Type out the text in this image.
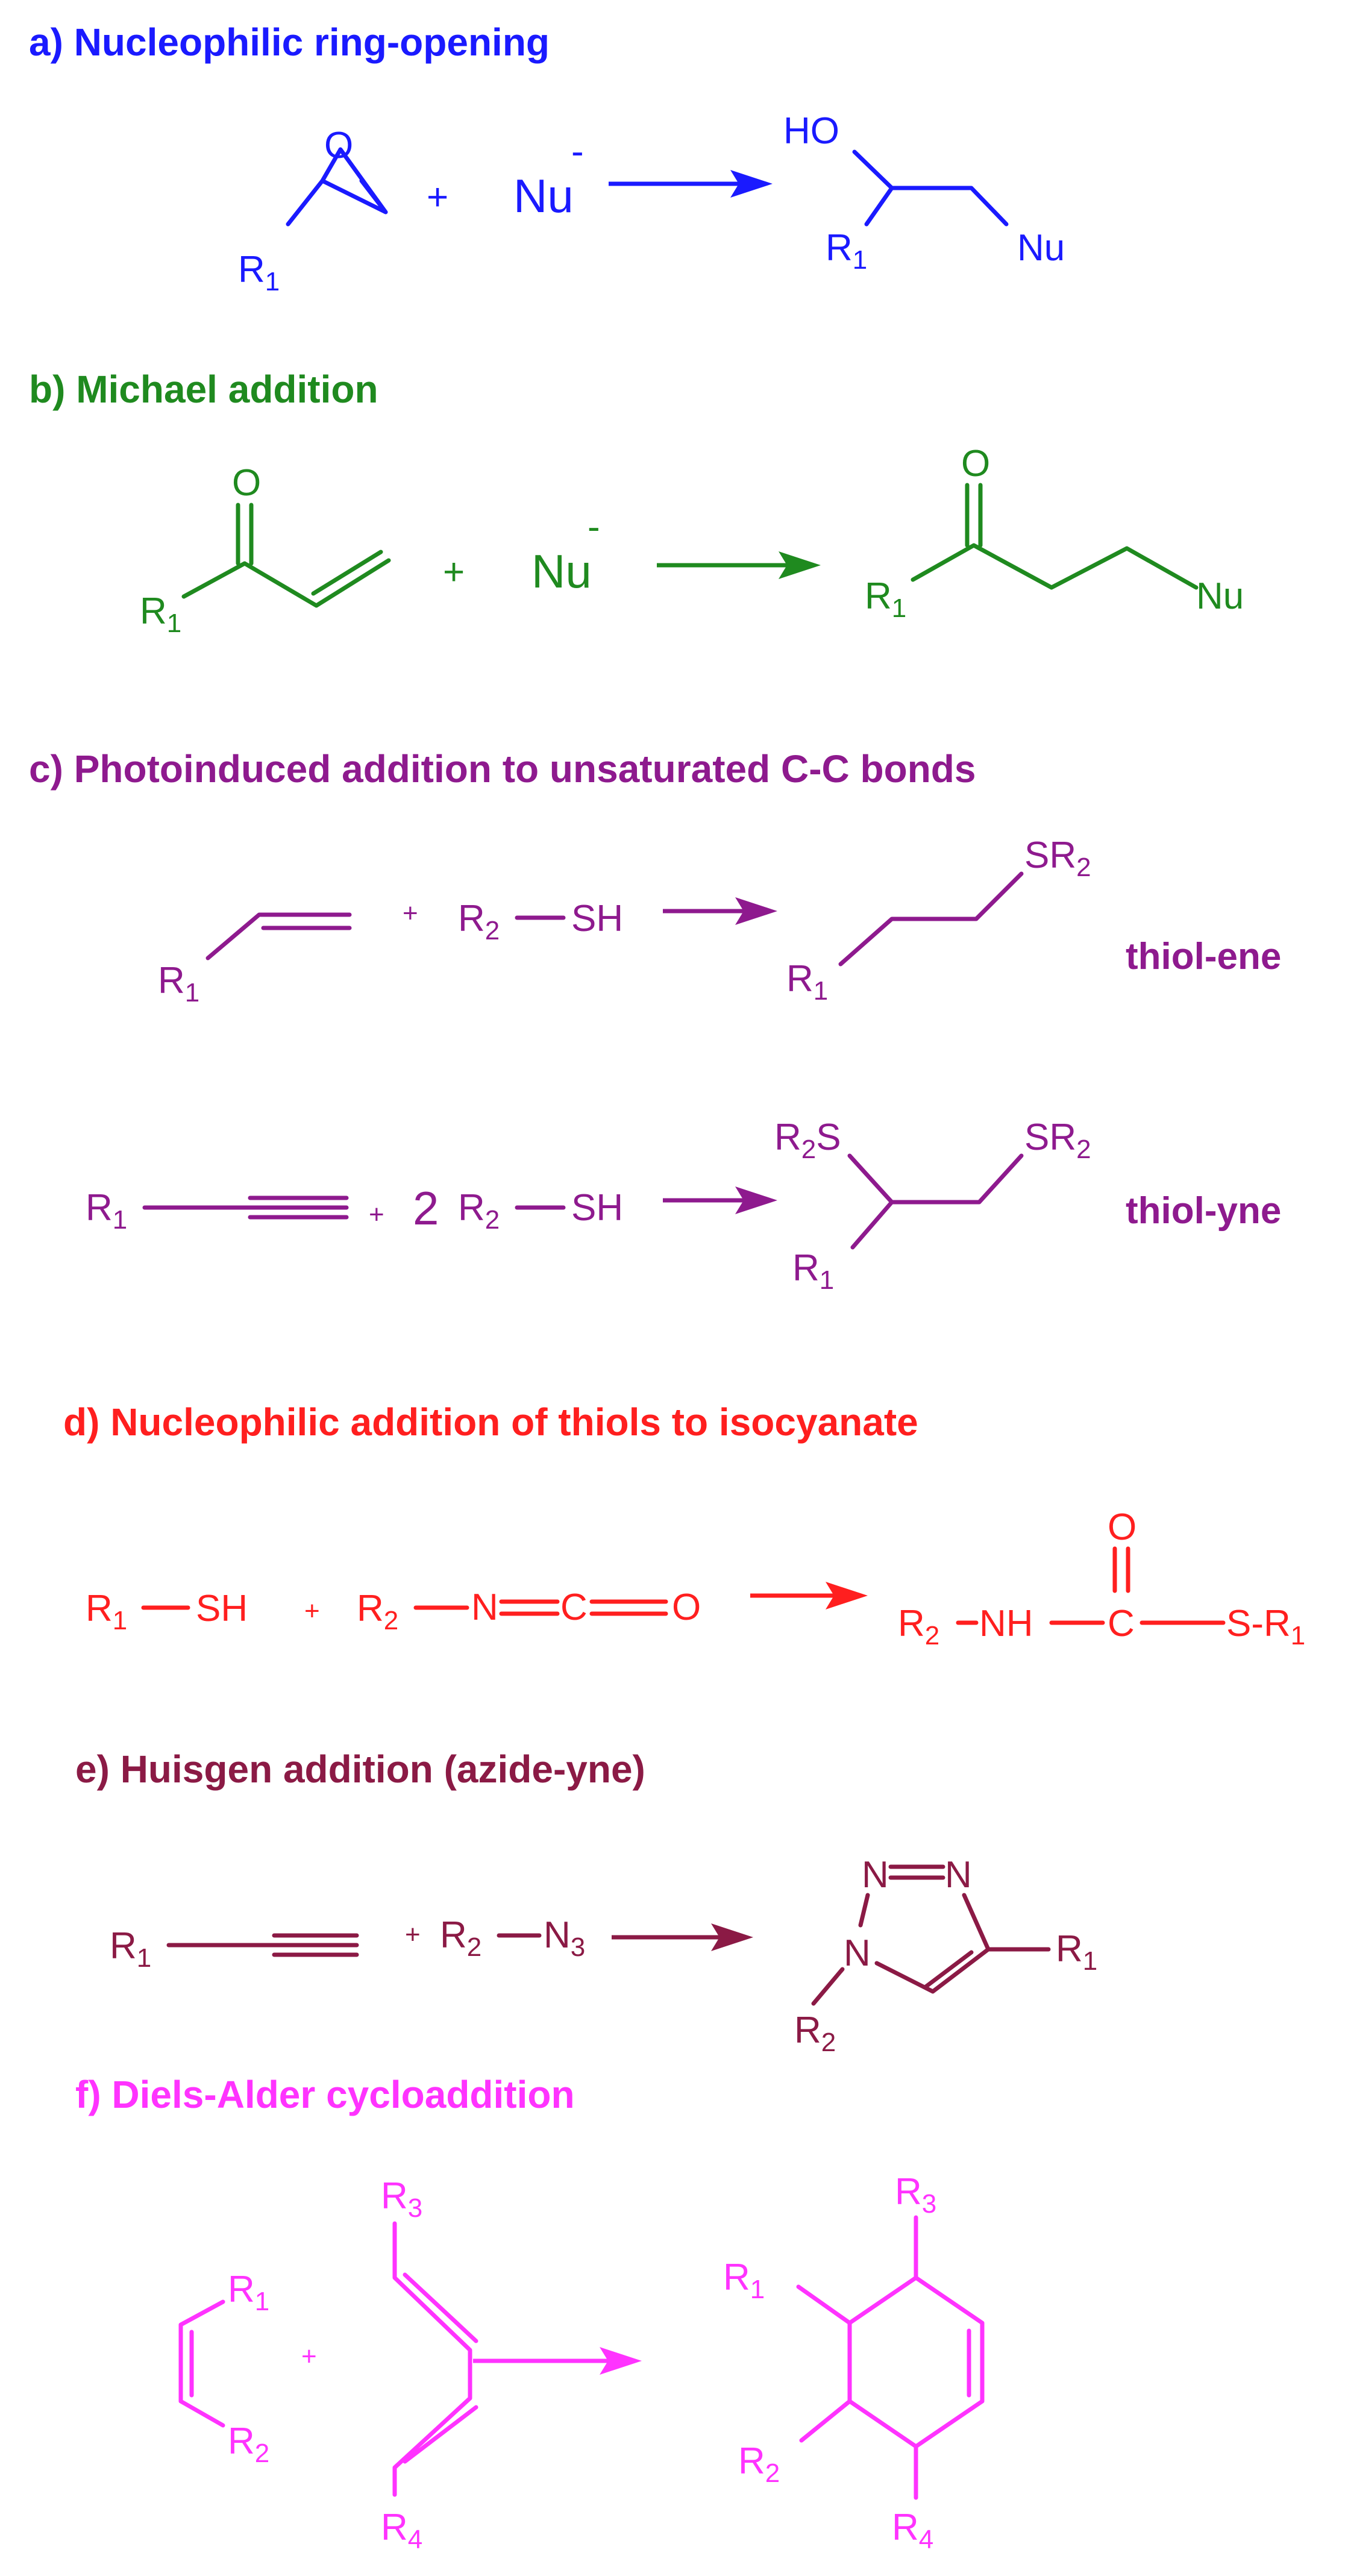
a) Nucleophilic ring-opening
O
$R_1$
+ Nu
-	HO
$R_1$	Nu
b) Michael addition
O
$R_1$
+ Nu
-
O
$R_1$	Nu
c) Photoinduced addition to unsaturated C-C bonds
$R_1$
+ $R_2$ SH
$SR_2$
$R_1$
thiol-ene
$R_1$	+ 2 $R_2$ SH
$R_2S$	$SR_2$
$R_1$
thiol-yne
d) Nucleophilic addition of thiols to isocyanate
$R_1$ SH + $R_2$ N C O
O
$R_2$ NH C $S-R_1$
e) Huisgen addition (azide-yne)
$R_1$
+ $R_2$ $N_3$
N N
N	$R_1$
$R_2$
f) Diels-Alder cycloaddition
$R_1$
$R_2$
+
$R_3$
$R_4$
$R_3$
$R_1$
$R_2$
$R_4$
